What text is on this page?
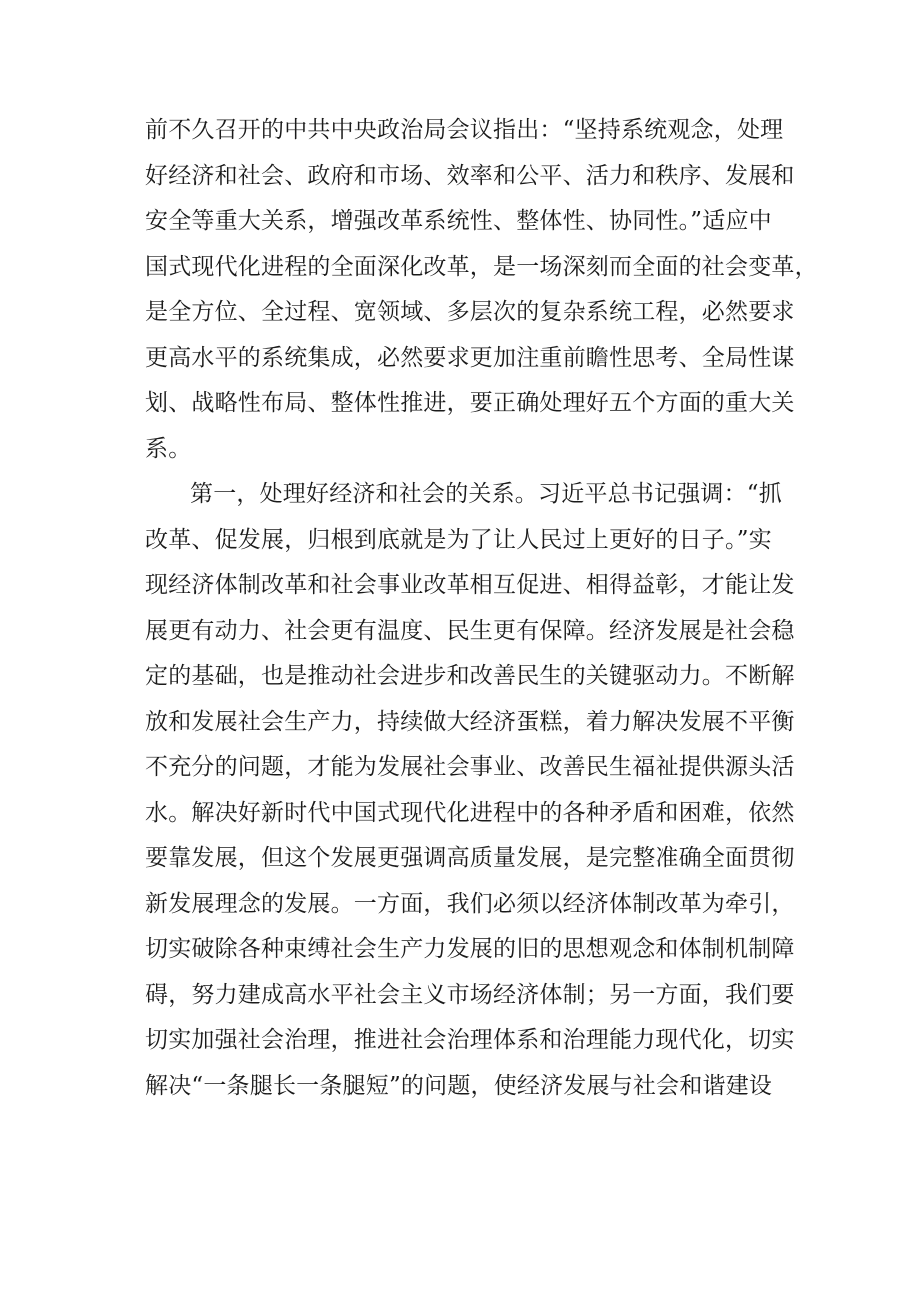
前不久召开的中共中央政治局会议指出：“坚持系统观念，处理
好经济和社会、政府和市场、效率和公平、活力和秩序、发展和
安全等重大关系，增强改革系统性、整体性、协同性。”适应中
国式现代化进程的全面深化改革，是一场深刻而全面的社会变革，
是全方位、全过程、宽领域、多层次的复杂系统工程，必然要求
更高水平的系统集成，必然要求更加注重前瞻性思考、全局性谋
划、战略性布局、整体性推进，要正确处理好五个方面的重大关
系。
第一，处理好经济和社会的关系。习近平总书记强调：“抓
改革、促发展，归根到底就是为了让人民过上更好的日子。”实
现经济体制改革和社会事业改革相互促进、相得益彰，才能让发
展更有动力、社会更有温度、民生更有保障。经济发展是社会稳
定的基础，也是推动社会进步和改善民生的关键驱动力。不断解
放和发展社会生产力，持续做大经济蛋糕，着力解决发展不平衡
不充分的问题，才能为发展社会事业、改善民生福祉提供源头活
水。解决好新时代中国式现代化进程中的各种矛盾和困难，依然
要靠发展，但这个发展更强调高质量发展，是完整准确全面贯彻
新发展理念的发展。一方面，我们必须以经济体制改革为牵引，
切实破除各种束缚社会生产力发展的旧的思想观念和体制机制障
碍，努力建成高水平社会主义市场经济体制；另一方面，我们要
切实加强社会治理，推进社会治理体系和治理能力现代化，切实
解决“一条腿长一条腿短”的问题，使经济发展与社会和谐建设
